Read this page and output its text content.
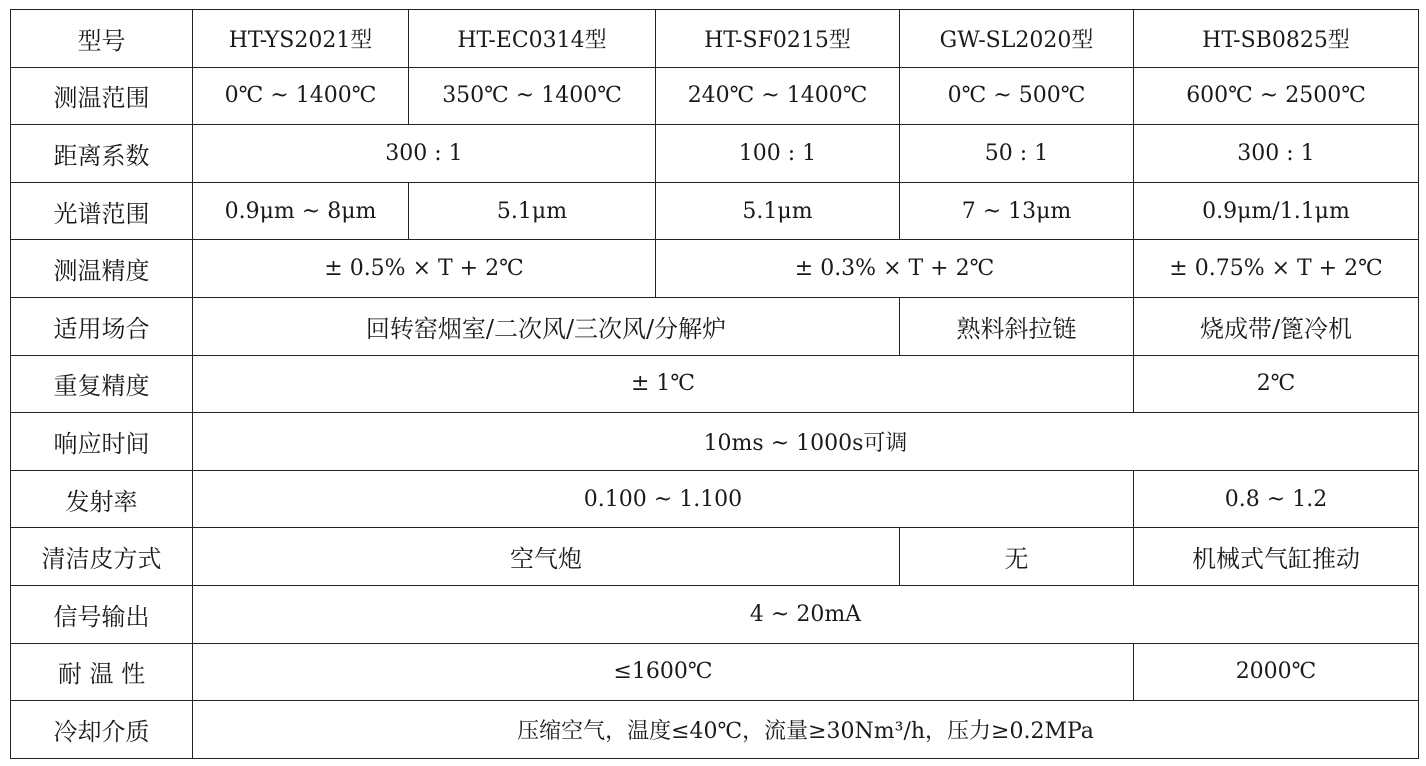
型号	HT-YS2021型	HT-EC0314型	HT-SF0215型	GW-SL2020型	HT-SB0825型
测温范围	0℃ ~ 1400℃	350℃ ~ 1400℃	240℃ ~ 1400℃	0℃ ~ 500℃	600℃ ~ 2500℃
距离系数	300 : 1		100 : 1	50 : 1	300 : 1
光谱范围	0.9μm ~ 8μm	5.1μm	5.1μm	7 ~ 13μm	0.9μm/1.1μm
测温精度	± 0.5% × T + 2℃		± 0.3% × T + 2℃		± 0.75% × T + 2℃
适用场合	回转窑烟室/二次风/三次风/分解炉			熟料斜拉链	烧成带/篦冷机
重复精度	± 1℃				2℃
响应时间	10ms ~ 1000s可调				
发射率	0.100 ~ 1.100				0.8 ~ 1.2
清洁皮方式	空气炮			无	机械式气缸推动
信号输出	4 ~ 20mA				
耐 温 性	≤1600℃				2000℃
冷却介质	压缩空气，温度≤40℃，流量≥30Nm³/h，压力≥0.2MPa				
